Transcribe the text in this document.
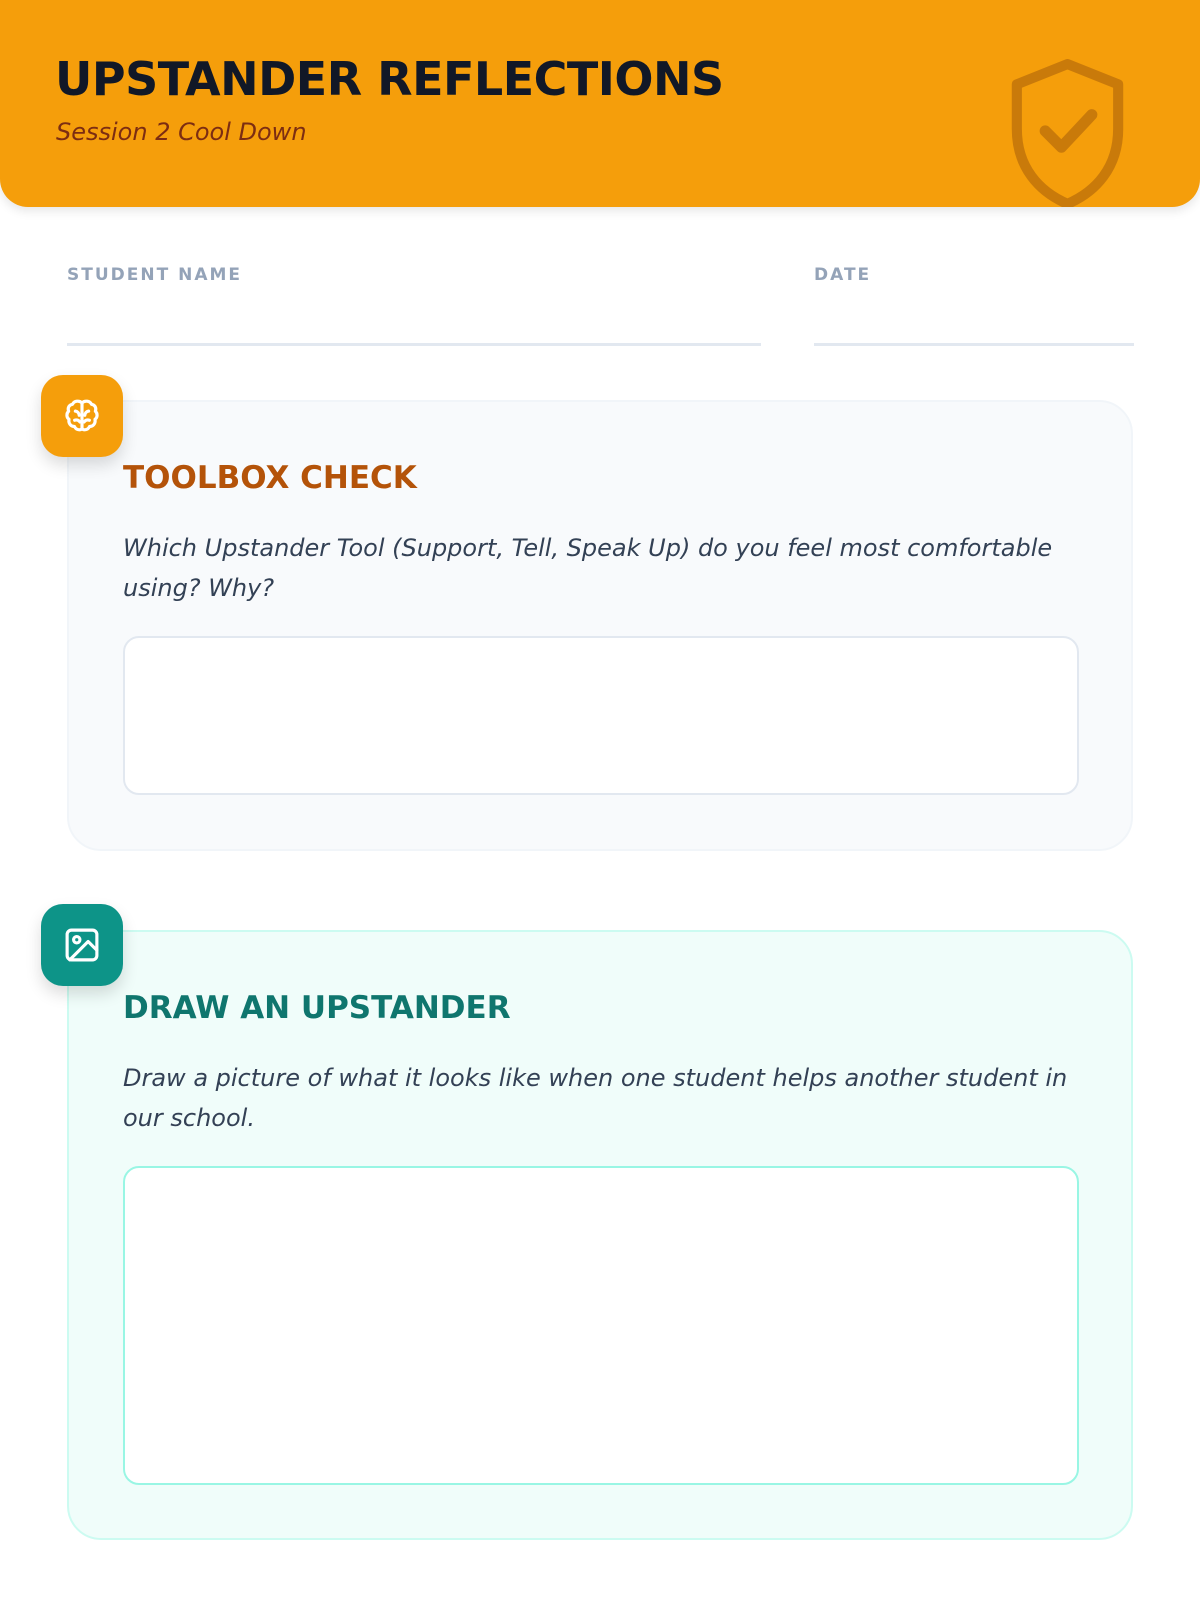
UPSTANDER REFLECTIONS
Session 2 Cool Down
STUDENT NAME	DATE
TOOLBOX CHECK

Which Upstander Tool (Support, Tell, Speak Up) do you feel most comfortable using? Why?

DRAW AN UPSTANDER

Draw a picture of what it looks like when one student helps another student in our school.
